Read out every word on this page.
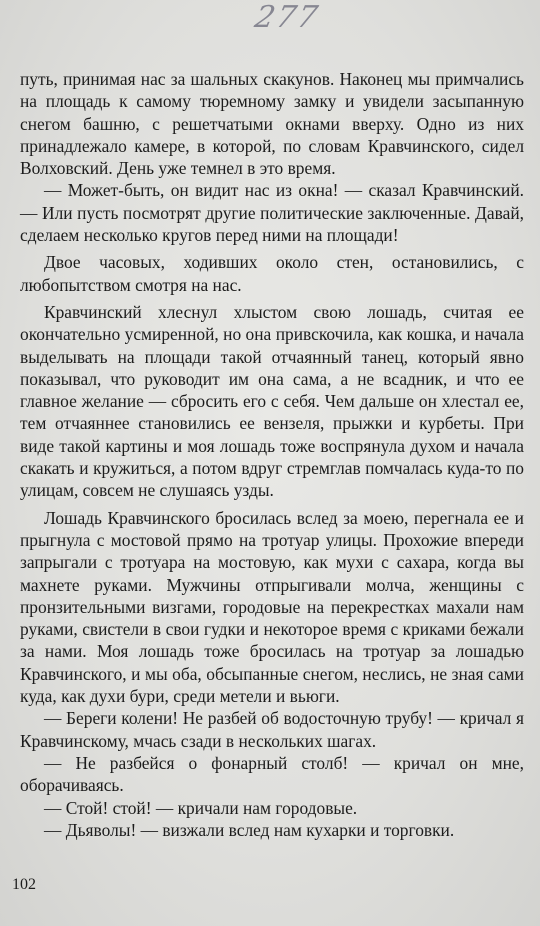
277

путь, принимая нас за шальных скакунов. Наконец мы примчались на площадь к самому тюремному замку и увидели засыпанную снегом башню, с решетчатыми окнами вверху. Одно из них принадлежало камере, в которой, по словам Кравчинского, сидел Волховский. День уже темнел в это время.

— Может-быть, он видит нас из окна! — сказал Кравчинский. — Или пусть посмотрят другие политические заключенные. Давай, сделаем несколько кругов перед ними на площади!

Двое часовых, ходивших около стен, остановились, с любопытством смотря на нас.

Кравчинский хлеснул хлыстом свою лошадь, считая ее окончательно усмиренной, но она привскочила, как кошка, и начала выделывать на площади такой отчаянный танец, который явно показывал, что руководит им она сама, а не всадник, и что ее главное желание — сбросить его с себя. Чем дальше он хлестал ее, тем отчаяннее становились ее вензеля, прыжки и курбеты. При виде такой картины и моя лошадь тоже воспрянула духом и начала скакать и кружиться, а потом вдруг стремглав помчалась куда-то по улицам, совсем не слушаясь узды.

Лошадь Кравчинского бросилась вслед за моею, перегнала ее и прыгнула с мостовой прямо на тротуар улицы. Прохожие впереди запрыгали с тротуара на мостовую, как мухи с сахара, когда вы махнете руками. Мужчины отпрыгивали молча, женщины с пронзительными визгами, городовые на перекрестках махали нам руками, свистели в свои гудки и некоторое время с криками бежали за нами. Моя лошадь тоже бросилась на тротуар за лошадью Кравчинского, и мы оба, обсыпанные снегом, неслись, не зная сами куда, как духи бури, среди метели и вьюги.

— Береги колени! Не разбей об водосточную трубу! — кричал я Кравчинскому, мчась сзади в нескольких шагах.

— Не разбейся о фонарный столб! — кричал он мне, оборачиваясь.

— Стой! стой! — кричали нам городовые.

— Дьяволы! — визжали вслед нам кухарки и торговки.

102
